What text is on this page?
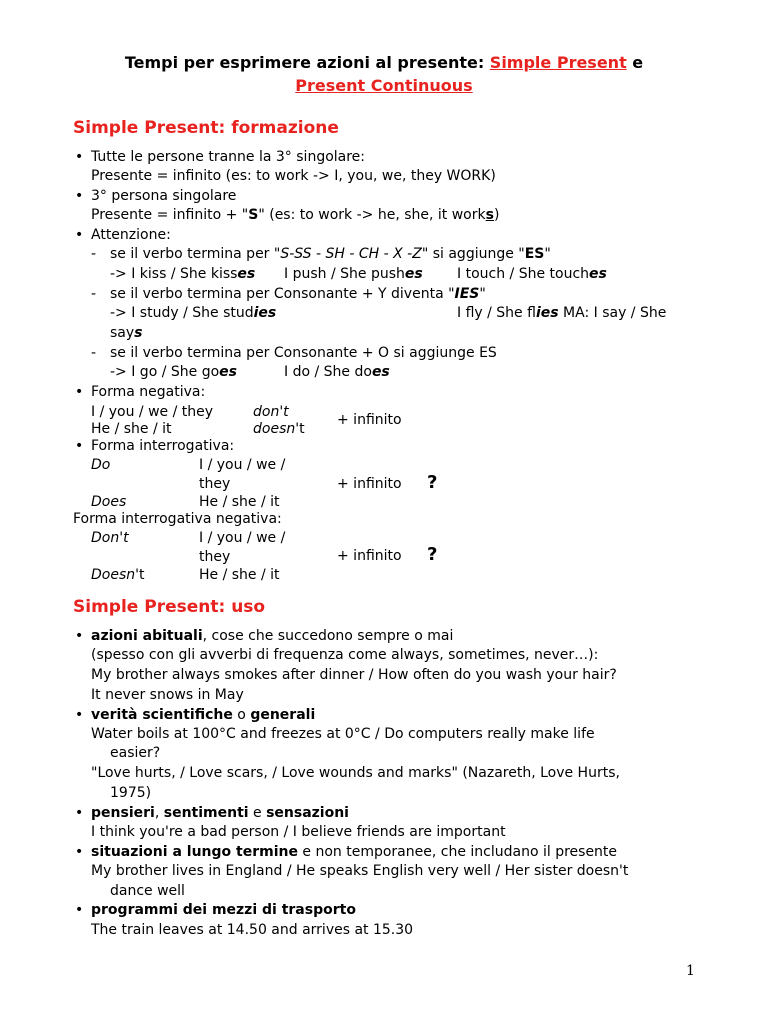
Tempi per esprimere azioni al presente: Simple Present e
Present Continuous
Simple Present: formazione
• Tutte le persone tranne la 3° singolare:
Presente = infinito (es: to work -> I, you, we, they WORK)
• 3° persona singolare
Presente = infinito + "S" (es: to work -> he, she, it works)
• Attenzione:
- se il verbo termina per "S-SS - SH - CH - X -Z" si aggiunge "ES"
-> I kiss / She kisses I push / She pushes I touch / She touches
- se il verbo termina per Consonante + Y diventa "IES"
-> I study / She studies	I fly / She flies MA: I say / She
says
- se il verbo termina per Consonante + O si aggiunge ES
-> I go / She goes	I do / She does
• Forma negativa:
I / you / we / they	don't
He / she / it	doesn't
+ infinito
• Forma interrogativa:
Do	I / you / we /
they	+ infinito ?
Does	He / she / it
Forma interrogativa negativa:
Don't	I / you / we /
they	+ infinito ?
Doesn't	He / she / it
Simple Present: uso
• azioni abituali, cose che succedono sempre o mai
(spesso con gli avverbi di frequenza come always, sometimes, never…):
My brother always smokes after dinner / How often do you wash your hair?
It never snows in May
• verità scientifiche o generali
Water boils at 100°C and freezes at 0°C / Do computers really make life
easier?
"Love hurts, / Love scars, / Love wounds and marks" (Nazareth, Love Hurts,
1975)
• pensieri, sentimenti e sensazioni
I think you're a bad person / I believe friends are important
• situazioni a lungo termine e non temporanee, che includano il presente
My brother lives in England / He speaks English very well / Her sister doesn't
dance well
• programmi dei mezzi di trasporto
The train leaves at 14.50 and arrives at 15.30
1
